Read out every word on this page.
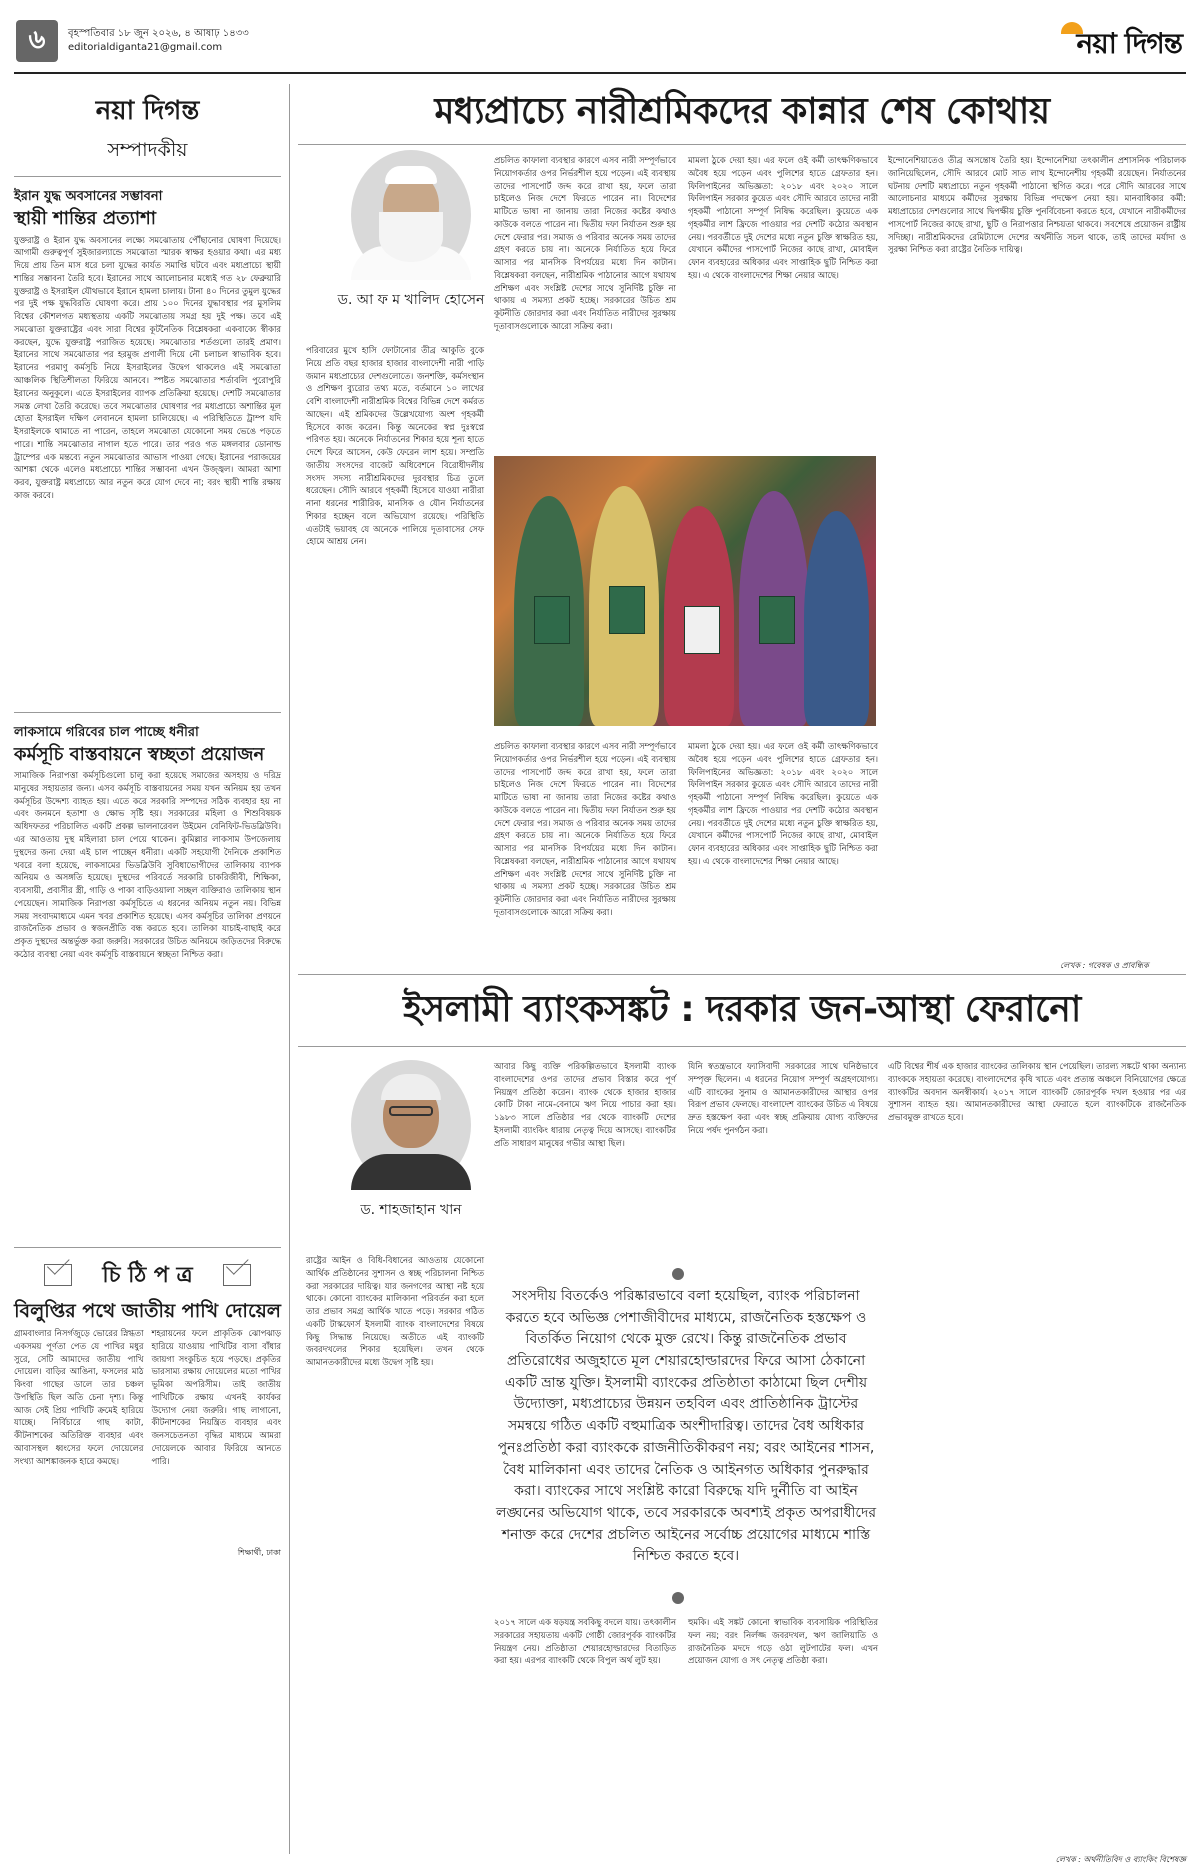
৬	বৃহস্পতিবার ১৮ জুন ২০২৬, ৪ আষাঢ় ১৪৩৩
editorialdiganta21@gmail.com	নয়া দিগন্ত
নয়া দিগন্ত
সম্পাদকীয়
ইরান যুদ্ধ অবসানের সম্ভাবনা
স্থায়ী শান্তির প্রত্যাশা
যুক্তরাষ্ট্র ও ইরান যুদ্ধ অবসানের লক্ষ্যে সমঝোতায় পৌঁছানোর ঘোষণা দিয়েছে। আগামী গুরুত্বপূর্ণ সুইজারল্যান্ডে সমঝোতা স্মারক স্বাক্ষর হওয়ার কথা। এর মধ্য দিয়ে প্রায় তিন মাস ধরে চলা যুদ্ধের কার্যত সমাপ্তি ঘটবে এবং মধ্যপ্রাচ্যে স্থায়ী শান্তির সম্ভাবনা তৈরি হবে। ইরানের সাথে আলোচনার মধ্যেই গত ২৮ ফেব্রুয়ারি যুক্তরাষ্ট্র ও ইসরাইল যৌথভাবে ইরানে হামলা চালায়। টানা ৪০ দিনের তুমুল যুদ্ধের পর দুই পক্ষ যুদ্ধবিরতি ঘোষণা করে। প্রায় ১০০ দিনের যুদ্ধাবস্থার পর মুসলিম বিশ্বের কৌশলগত মধ্যস্থতায় একটি সমঝোতায় সমগ্র হয় দুই পক্ষ। তবে এই সমঝোতা যুক্তরাষ্ট্রের এবং সারা বিশ্বের কূটনৈতিক বিশ্লেষকরা একবাক্যে স্বীকার করছেন, যুদ্ধে যুক্তরাষ্ট্র পরাজিত হয়েছে। সমঝোতার শর্তগুলো তারই প্রমাণ। ইরানের সাথে সমঝোতার পর হরমুজ প্রণালী দিয়ে নৌ চলাচল স্বাভাবিক হবে। ইরানের পরমাণু কর্মসূচি নিয়ে ইসরাইলের উদ্বেগ থাকলেও এই সমঝোতা আঞ্চলিক স্থিতিশীলতা ফিরিয়ে আনবে। স্পষ্টত সমঝোতার শর্তাবলি পুরোপুরি ইরানের অনুকূলে। এতে ইসরাইলের ব্যাপক প্রতিক্রিয়া হয়েছে। দেশটি সমঝোতার সমস্ত লেখা তৈরি করেছে। তবে সমঝোতার ঘোষণার পর মধ্যপ্রাচ্যে অশান্তির মূল হোতা ইসরাইল দক্ষিণ লেবাননে হামলা চালিয়েছে। এ পরিস্থিতিতে ট্রাম্প যদি ইসরাইলকে থামাতে না পারেন, তাহলে সমঝোতা যেকোনো সময় ভেঙে পড়তে পারে। শান্তি সমঝোতার নাগাল হতে পারে। তার পরও গত মঙ্গলবার ডোনাল্ড ট্রাম্পের এক মন্তব্যে নতুন সমঝোতার আভাস পাওয়া গেছে। ইরানের পরাজয়ের আশঙ্কা থেকে এলেও মধ্যপ্রাচ্যে শান্তির সম্ভাবনা এখন উজ্জ্বল। আমরা আশা করব, যুক্তরাষ্ট্র মধ্যপ্রাচ্যে আর নতুন করে যোগ দেবে না; বরং স্থায়ী শান্তি রক্ষায় কাজ করবে।
লাকসামে গরিবের চাল পাচ্ছে ধনীরা
কর্মসূচি বাস্তবায়নে স্বচ্ছতা প্রয়োজন
সামাজিক নিরাপত্তা কর্মসূচিগুলো চালু করা হয়েছে সমাজের অসহায় ও দরিদ্র মানুষের সহায়তার জন্য। এসব কর্মসূচি বাস্তবায়নের সময় যখন অনিয়ম হয় তখন কর্মসূচির উদ্দেশ্য ব্যাহত হয়। এতে করে সরকারি সম্পদের সঠিক ব্যবহার হয় না এবং জনমনে হতাশা ও ক্ষোভ সৃষ্টি হয়। সরকারের মহিলা ও শিশুবিষয়ক অধিদফতর পরিচালিত একটি প্রকল্প ভালনারেবল উইমেন বেনিফিট-ভিডব্লিউবি। এর আওতায় দুস্থ মহিলারা চাল পেয়ে থাকেন। কুমিল্লার লাকসাম উপজেলায় দুস্থদের জন্য দেয়া এই চাল পাচ্ছেন ধনীরা। একটি সহযোগী দৈনিকে প্রকাশিত খবরে বলা হয়েছে, লাকসামের ভিডব্লিউবি সুবিধাভোগীদের তালিকায় ব্যাপক অনিয়ম ও অসঙ্গতি হয়েছে। দুস্থদের পরিবর্তে সরকারি চাকরিজীবী, শিক্ষিকা, ব্যবসায়ী, প্রবাসীর স্ত্রী, গাড়ি ও পাকা বাড়িওয়ালা সচ্ছল ব্যক্তিরাও তালিকায় স্থান পেয়েছেন। সামাজিক নিরাপত্তা কর্মসূচিতে এ ধরনের অনিয়ম নতুন নয়। বিভিন্ন সময় সংবাদমাধ্যমে এমন খবর প্রকাশিত হয়েছে। এসব কর্মসূচির তালিকা প্রণয়নে রাজনৈতিক প্রভাব ও স্বজনপ্রীতি বন্ধ করতে হবে। তালিকা যাচাই-বাছাই করে প্রকৃত দুস্থদের অন্তর্ভুক্ত করা জরুরি। সরকারের উচিত অনিয়মে জড়িতদের বিরুদ্ধে কঠোর ব্যবস্থা নেয়া এবং কর্মসূচি বাস্তবায়নে স্বচ্ছতা নিশ্চিত করা।
চি ঠি প ত্র
বিলুপ্তির পথে জাতীয় পাখি দোয়েল
গ্রামবাংলার নিসর্গজুড়ে ভোরের স্নিগ্ধতা একসময় পূর্ণতা পেত যে পাখির মধুর সুরে, সেটি আমাদের জাতীয় পাখি দোয়েল। বাড়ির আঙিনা, ফসলের মাঠ কিংবা গাছের ডালে তার চঞ্চল উপস্থিতি ছিল অতি চেনা দৃশ্য। কিন্তু আজ সেই প্রিয় পাখিটি ক্রমেই হারিয়ে যাচ্ছে। নির্বিচারে গাছ কাটা, কীটনাশকের অতিরিক্ত ব্যবহার এবং আবাসস্থল ধ্বংসের ফলে দোয়েলের সংখ্যা আশঙ্কাজনক হারে কমছে।
শহরায়নের ফলে প্রাকৃতিক ঝোপঝাড় হারিয়ে যাওয়ায় পাখিটির বাসা বাঁধার জায়গা সংকুচিত হয়ে পড়ছে। প্রকৃতির ভারসাম্য রক্ষায় দোয়েলের মতো পাখির ভূমিকা অপরিসীম। তাই জাতীয় পাখিটিকে রক্ষায় এখনই কার্যকর উদ্যোগ নেয়া জরুরি। গাছ লাগানো, কীটনাশকের নিয়ন্ত্রিত ব্যবহার এবং জনসচেতনতা বৃদ্ধির মাধ্যমে আমরা দোয়েলকে আবার ফিরিয়ে আনতে পারি।
শিক্ষার্থী, ঢাকা
মধ্যপ্রাচ্যে নারীশ্রমিকদের কান্নার শেষ কোথায়
ড. আ ফ ম খালিদ হোসেন
পরিবারের মুখে হাসি ফোটানোর তীব্র আকুতি বুকে নিয়ে প্রতি বছর হাজার হাজার বাংলাদেশী নারী পাড়ি জমান মধ্যপ্রাচ্যের দেশগুলোতে। জনশক্তি, কর্মসংস্থান ও প্রশিক্ষণ ব্যুরোর তথ্য মতে, বর্তমানে ১০ লাখের বেশি বাংলাদেশী নারীশ্রমিক বিশ্বের বিভিন্ন দেশে কর্মরত আছেন। এই শ্রমিকদের উল্লেখযোগ্য অংশ গৃহকর্মী হিসেবে কাজ করেন। কিন্তু অনেকের স্বপ্ন দুঃস্বপ্নে পরিণত হয়। অনেকে নির্যাতনের শিকার হয়ে শূন্য হাতে দেশে ফিরে আসেন, কেউ ফেরেন লাশ হয়ে। সম্প্রতি জাতীয় সংসদের বাজেট অধিবেশনে বিরোধীদলীয় সংসদ সদস্য নারীশ্রমিকদের দুরবস্থার চিত্র তুলে ধরেছেন। সৌদি আরবে গৃহকর্মী হিসেবে যাওয়া নারীরা নানা ধরনের শারীরিক, মানসিক ও যৌন নির্যাতনের শিকার হচ্ছেন বলে অভিযোগ রয়েছে। পরিস্থিতি এতটাই ভয়াবহ যে অনেকে পালিয়ে দূতাবাসের সেফ হোমে আশ্রয় নেন।
প্রচলিত কাফালা ব্যবস্থার কারণে এসব নারী সম্পূর্ণভাবে নিয়োগকর্তার ওপর নির্ভরশীল হয়ে পড়েন। এই ব্যবস্থায় তাদের পাসপোর্ট জব্দ করে রাখা হয়, ফলে তারা চাইলেও নিজ দেশে ফিরতে পারেন না। বিদেশের মাটিতে ভাষা না জানায় তারা নিজের কষ্টের কথাও কাউকে বলতে পারেন না। দ্বিতীয় দফা নির্যাতন শুরু হয় দেশে ফেরার পর। সমাজ ও পরিবার অনেক সময় তাদের গ্রহণ করতে চায় না। অনেকে নির্যাতিত হয়ে ফিরে আসার পর মানসিক বিপর্যয়ের মধ্যে দিন কাটান। বিশ্লেষকরা বলছেন, নারীশ্রমিক পাঠানোর আগে যথাযথ প্রশিক্ষণ এবং সংশ্লিষ্ট দেশের সাথে সুনির্দিষ্ট চুক্তি না থাকায় এ সমস্যা প্রকট হচ্ছে। সরকারের উচিত শ্রম কূটনীতি জোরদার করা এবং নির্যাতিত নারীদের সুরক্ষায় দূতাবাসগুলোকে আরো সক্রিয় করা।
মামলা ঠুকে দেয়া হয়। এর ফলে ওই কর্মী তাৎক্ষণিকভাবে অবৈধ হয়ে পড়েন এবং পুলিশের হাতে গ্রেফতার হন। ফিলিপাইনের অভিজ্ঞতা: ২০১৮ এবং ২০২০ সালে ফিলিপাইন সরকার কুয়েত এবং সৌদি আরবে তাদের নারী গৃহকর্মী পাঠানো সম্পূর্ণ নিষিদ্ধ করেছিল। কুয়েতে এক গৃহকর্মীর লাশ ফ্রিজে পাওয়ার পর দেশটি কঠোর অবস্থান নেয়। পরবর্তীতে দুই দেশের মধ্যে নতুন চুক্তি স্বাক্ষরিত হয়, যেখানে কর্মীদের পাসপোর্ট নিজের কাছে রাখা, মোবাইল ফোন ব্যবহারের অধিকার এবং সাপ্তাহিক ছুটি নিশ্চিত করা হয়। এ থেকে বাংলাদেশের শিক্ষা নেয়ার আছে।
ইন্দোনেশিয়াতেও তীব্র অসন্তোষ তৈরি হয়। ইন্দোনেশিয়া তৎকালীন প্রশাসনিক পরিচালক জানিয়েছিলেন, সৌদি আরবে মোট সাত লাখ ইন্দোনেশীয় গৃহকর্মী রয়েছেন। নির্যাতনের ঘটনায় দেশটি মধ্যপ্রাচ্যে নতুন গৃহকর্মী পাঠানো স্থগিত করে। পরে সৌদি আরবের সাথে আলোচনার মাধ্যমে কর্মীদের সুরক্ষায় বিভিন্ন পদক্ষেপ নেয়া হয়। মানবাধিকার কর্মী: মধ্যপ্রাচ্যের দেশগুলোর সাথে দ্বিপক্ষীয় চুক্তি পুনর্বিবেচনা করতে হবে, যেখানে নারীকর্মীদের পাসপোর্ট নিজের কাছে রাখা, ছুটি ও নিরাপত্তার নিশ্চয়তা থাকবে। সবশেষে প্রয়োজন রাষ্ট্রীয় সদিচ্ছা। নারীশ্রমিকদের রেমিট্যান্সে দেশের অর্থনীতি সচল থাকে, তাই তাদের মর্যাদা ও সুরক্ষা নিশ্চিত করা রাষ্ট্রের নৈতিক দায়িত্ব।
প্রচলিত কাফালা ব্যবস্থার কারণে এসব নারী সম্পূর্ণভাবে নিয়োগকর্তার ওপর নির্ভরশীল হয়ে পড়েন। এই ব্যবস্থায় তাদের পাসপোর্ট জব্দ করে রাখা হয়, ফলে তারা চাইলেও নিজ দেশে ফিরতে পারেন না। বিদেশের মাটিতে ভাষা না জানায় তারা নিজের কষ্টের কথাও কাউকে বলতে পারেন না। দ্বিতীয় দফা নির্যাতন শুরু হয় দেশে ফেরার পর। সমাজ ও পরিবার অনেক সময় তাদের গ্রহণ করতে চায় না। অনেকে নির্যাতিত হয়ে ফিরে আসার পর মানসিক বিপর্যয়ের মধ্যে দিন কাটান। বিশ্লেষকরা বলছেন, নারীশ্রমিক পাঠানোর আগে যথাযথ প্রশিক্ষণ এবং সংশ্লিষ্ট দেশের সাথে সুনির্দিষ্ট চুক্তি না থাকায় এ সমস্যা প্রকট হচ্ছে। সরকারের উচিত শ্রম কূটনীতি জোরদার করা এবং নির্যাতিত নারীদের সুরক্ষায় দূতাবাসগুলোকে আরো সক্রিয় করা।
মামলা ঠুকে দেয়া হয়। এর ফলে ওই কর্মী তাৎক্ষণিকভাবে অবৈধ হয়ে পড়েন এবং পুলিশের হাতে গ্রেফতার হন। ফিলিপাইনের অভিজ্ঞতা: ২০১৮ এবং ২০২০ সালে ফিলিপাইন সরকার কুয়েত এবং সৌদি আরবে তাদের নারী গৃহকর্মী পাঠানো সম্পূর্ণ নিষিদ্ধ করেছিল। কুয়েতে এক গৃহকর্মীর লাশ ফ্রিজে পাওয়ার পর দেশটি কঠোর অবস্থান নেয়। পরবর্তীতে দুই দেশের মধ্যে নতুন চুক্তি স্বাক্ষরিত হয়, যেখানে কর্মীদের পাসপোর্ট নিজের কাছে রাখা, মোবাইল ফোন ব্যবহারের অধিকার এবং সাপ্তাহিক ছুটি নিশ্চিত করা হয়। এ থেকে বাংলাদেশের শিক্ষা নেয়ার আছে।
লেখক : গবেষক ও প্রাবন্ধিক
ইসলামী ব্যাংকসঙ্কট : দরকার জন-আস্থা ফেরানো
ড. শাহজাহান খান
রাষ্ট্রের আইন ও বিধি-বিধানের আওতায় যেকোনো আর্থিক প্রতিষ্ঠানের সুশাসন ও স্বচ্ছ পরিচালনা নিশ্চিত করা সরকারের দায়িত্ব। যার জনগণের আস্থা নষ্ট হয়ে থাকে। কোনো ব্যাংকের মালিকানা পরিবর্তন করা হলে তার প্রভাব সমগ্র আর্থিক খাতে পড়ে। সরকার গঠিত একটি টাস্কফোর্স ইসলামী ব্যাংক বাংলাদেশের বিষয়ে কিছু সিদ্ধান্ত নিয়েছে। অতীতে এই ব্যাংকটি জবরদখলের শিকার হয়েছিল। তখন থেকে আমানতকারীদের মধ্যে উদ্বেগ সৃষ্টি হয়।
আবার কিছু ব্যক্তি পরিকল্পিতভাবে ইসলামী ব্যাংক বাংলাদেশের ওপর তাদের প্রভাব বিস্তার করে পূর্ণ নিয়ন্ত্রণ প্রতিষ্ঠা করেন। ব্যাংক থেকে হাজার হাজার কোটি টাকা নামে-বেনামে ঋণ নিয়ে পাচার করা হয়। ১৯৮৩ সালে প্রতিষ্ঠার পর থেকে ব্যাংকটি দেশের ইসলামী ব্যাংকিং ধারায় নেতৃত্ব দিয়ে আসছে। ব্যাংকটির প্রতি সাধারণ মানুষের গভীর আস্থা ছিল।
যিনি স্বতন্ত্রভাবে ফ্যাসিবাদী সরকারের সাথে ঘনিষ্ঠভাবে সম্পৃক্ত ছিলেন। এ ধরনের নিয়োগ সম্পূর্ণ অগ্রহণযোগ্য। এটি ব্যাংকের সুনাম ও আমানতকারীদের আস্থার ওপর বিরূপ প্রভাব ফেলছে। বাংলাদেশ ব্যাংকের উচিত এ বিষয়ে দ্রুত হস্তক্ষেপ করা এবং স্বচ্ছ প্রক্রিয়ায় যোগ্য ব্যক্তিদের নিয়ে পর্ষদ পুনর্গঠন করা।
এটি বিশ্বের শীর্ষ এক হাজার ব্যাংকের তালিকায় স্থান পেয়েছিল। তারল্য সঙ্কটে থাকা অন্যান্য ব্যাংককে সহায়তা করেছে। বাংলাদেশের কৃষি খাতে এবং প্রত্যন্ত অঞ্চলে বিনিয়োগের ক্ষেত্রে ব্যাংকটির অবদান অনস্বীকার্য। ২০১৭ সালে ব্যাংকটি জোরপূর্বক দখল হওয়ার পর এর সুশাসন ব্যাহত হয়। আমানতকারীদের আস্থা ফেরাতে হলে ব্যাংকটিকে রাজনৈতিক প্রভাবমুক্ত রাখতে হবে।
সংসদীয় বিতর্কেও পরিষ্কারভাবে বলা হয়েছিল, ব্যাংক পরিচালনা করতে হবে অভিজ্ঞ পেশাজীবীদের মাধ্যমে, রাজনৈতিক হস্তক্ষেপ ও বিতর্কিত নিয়োগ থেকে মুক্ত রেখে। কিন্তু রাজনৈতিক প্রভাব প্রতিরোধের অজুহাতে মূল শেয়ারহোল্ডারদের ফিরে আসা ঠেকানো একটি ভ্রান্ত যুক্তি। ইসলামী ব্যাংকের প্রতিষ্ঠাতা কাঠামো ছিল দেশীয় উদ্যোক্তা, মধ্যপ্রাচ্যের উন্নয়ন তহবিল এবং প্রাতিষ্ঠানিক ট্রাস্টের সমন্বয়ে গঠিত একটি বহুমাত্রিক অংশীদারিত্ব। তাদের বৈধ অধিকার পুনঃপ্রতিষ্ঠা করা ব্যাংককে রাজনীতিকীকরণ নয়; বরং আইনের শাসন, বৈধ মালিকানা এবং তাদের নৈতিক ও আইনগত অধিকার পুনরুদ্ধার করা। ব্যাংকের সাথে সংশ্লিষ্ট কারো বিরুদ্ধে যদি দুর্নীতি বা আইন লঙ্ঘনের অভিযোগ থাকে, তবে সরকারকে অবশ্যই প্রকৃত অপরাধীদের শনাক্ত করে দেশের প্রচলিত আইনের সর্বোচ্চ প্রয়োগের মাধ্যমে শাস্তি নিশ্চিত করতে হবে।
২০১৭ সালে এক ষড়যন্ত্র সবকিছু বদলে যায়। তৎকালীন সরকারের সহায়তায় একটি গোষ্ঠী জোরপূর্বক ব্যাংকটির নিয়ন্ত্রণ নেয়। প্রতিষ্ঠাতা শেয়ারহোল্ডারদের বিতাড়িত করা হয়। এরপর ব্যাংকটি থেকে বিপুল অর্থ লুট হয়।
হুমকি। এই সঙ্কট কোনো স্বাভাবিক ব্যবসায়িক পরিস্থিতির ফল নয়; বরং নির্লজ্জ জবরদখল, ঋণ জালিয়াতি ও রাজনৈতিক মদদে গড়ে ওঠা লুটপাটের ফল। এখন প্রয়োজন যোগ্য ও সৎ নেতৃত্ব প্রতিষ্ঠা করা।
লেখক : অর্থনীতিবিদ ও ব্যাংকিং বিশেষজ্ঞ
